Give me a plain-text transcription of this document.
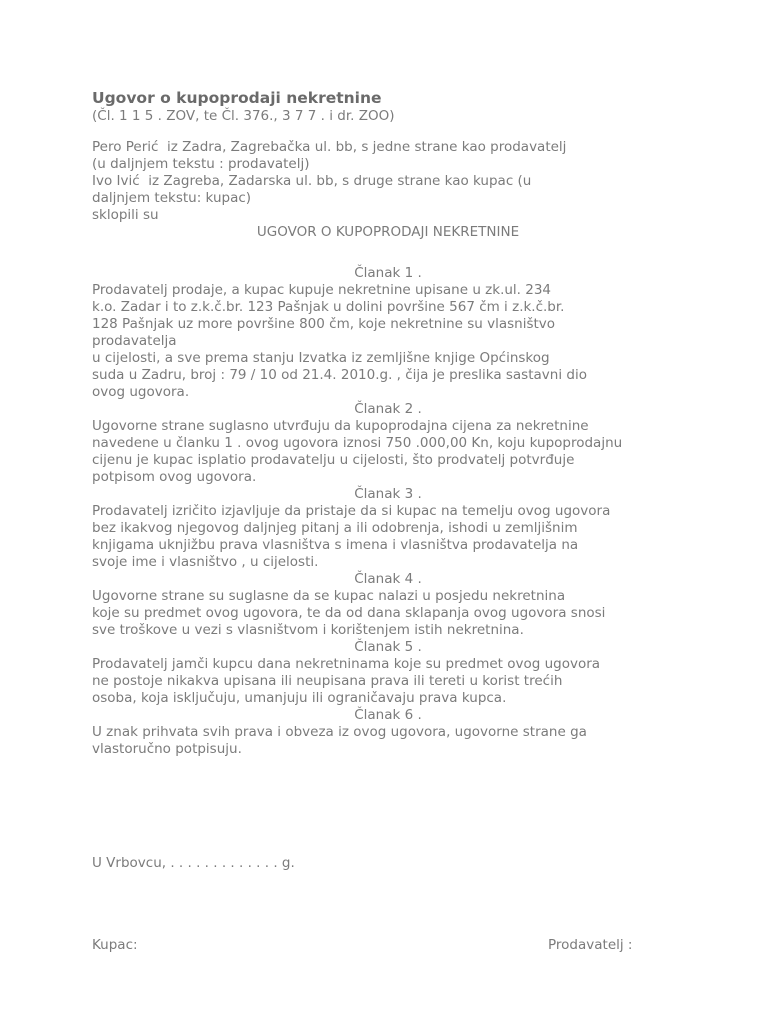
Ugovor o kupoprodaji nekretnine
(Čl. 1 1 5 . ZOV, te Čl. 376., 3 7 7 . i dr. ZOO)
Pero Perić  iz Zadra, Zagrebačka ul. bb, s jedne strane kao prodavatelj
(u daljnjem tekstu : prodavatelj)
Ivo Ivić  iz Zagreba, Zadarska ul. bb, s druge strane kao kupac (u
daljnjem tekstu: kupac)
sklopili su
UGOVOR O KUPOPRODAJI NEKRETNINE
Članak 1 .
Prodavatelj prodaje, a kupac kupuje nekretnine upisane u zk.ul. 234
k.o. Zadar i to z.k.č.br. 123 Pašnjak u dolini površine 567 čm i z.k.č.br.
128 Pašnjak uz more površine 800 čm, koje nekretnine su vlasništvo
prodavatelja
u cijelosti, a sve prema stanju Izvatka iz zemljišne knjige Općinskog
suda u Zadru, broj : 79 / 10 od 21.4. 2010.g. , čija je preslika sastavni dio
ovog ugovora.
Članak 2 .
Ugovorne strane suglasno utvrđuju da kupoprodajna cijena za nekretnine
navedene u članku 1 . ovog ugovora iznosi 750 .000,00 Kn, koju kupoprodajnu
cijenu je kupac isplatio prodavatelju u cijelosti, što prodvatelj potvrđuje
potpisom ovog ugovora.
Članak 3 .
Prodavatelj izričito izjavljuje da pristaje da si kupac na temelju ovog ugovora
bez ikakvog njegovog daljnjeg pitanj a ili odobrenja, ishodi u zemljišnim
knjigama uknjižbu prava vlasništva s imena i vlasništva prodavatelja na
svoje ime i vlasništvo , u cijelosti.
Članak 4 .
Ugovorne strane su suglasne da se kupac nalazi u posjedu nekretnina
koje su predmet ovog ugovora, te da od dana sklapanja ovog ugovora snosi
sve troškove u vezi s vlasništvom i korištenjem istih nekretnina.
Članak 5 .
Prodavatelj jamči kupcu dana nekretninama koje su predmet ovog ugovora
ne postoje nikakva upisana ili neupisana prava ili tereti u korist trećih
osoba, koja isključuju, umanjuju ili ograničavaju prava kupca.
Članak 6 .
U znak prihvata svih prava i obveza iz ovog ugovora, ugovorne strane ga
vlastoručno potpisuju.
U Vrbovcu, . . . . . . . . . . . . . g.
Kupac:	Prodavatelj :
